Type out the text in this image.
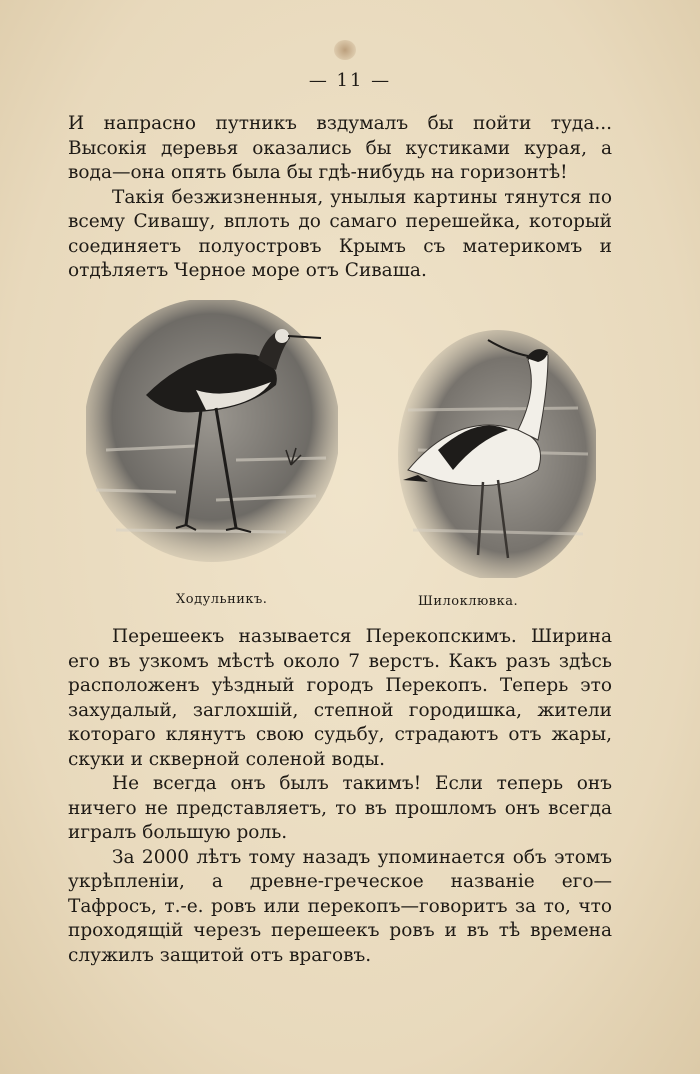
— 11 —

И напрасно путникъ вздумалъ бы пойти туда... Высокія деревья оказались бы кустиками курая, а вода—она опять была бы гдѣ-нибудь на горизонтѣ!

Такія безжизненныя, унылыя картины тянутся по всему Сивашу, вплоть до самаго перешейка, который соединяетъ полуостровъ Крымъ съ материкомъ и отдѣляетъ Черное море отъ Сиваша.

Ходульникъ.	Шилоклювка.

Перешеекъ называется Перекопскимъ. Ширина его въ узкомъ мѣстѣ около 7 верстъ. Какъ разъ здѣсь расположенъ уѣздный городъ Перекопъ. Теперь это захудалый, заглохшій, степной городишка, жители котораго клянутъ свою судьбу, страдаютъ отъ жары, скуки и скверной соленой воды.

Не всегда онъ былъ такимъ! Если теперь онъ ничего не представляетъ, то въ прошломъ онъ всегда игралъ большую роль.

За 2000 лѣтъ тому назадъ упоминается объ этомъ укрѣпленіи, а древне-греческое названіе его—Тафросъ, т.-е. ровъ или перекопъ—говоритъ за то, что проходящій черезъ перешеекъ ровъ и въ тѣ времена служилъ защитой отъ враговъ.
